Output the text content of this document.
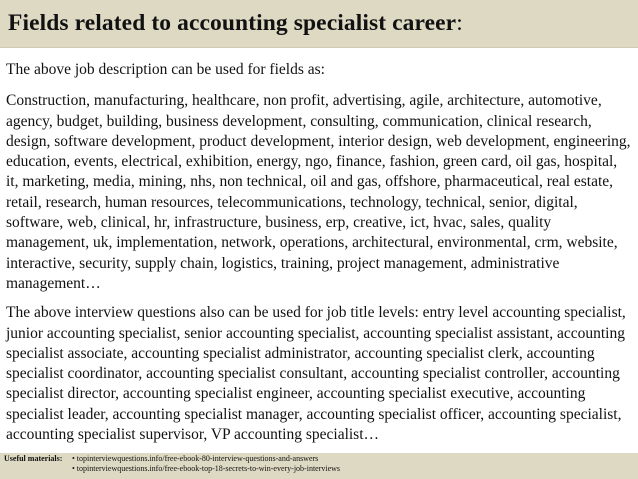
Fields related to accounting specialist career:

The above job description can be used for fields as:

Construction, manufacturing, healthcare, non profit, advertising, agile, architecture, automotive, agency, budget, building, business development, consulting, communication, clinical research, design, software development, product development, interior design, web development, engineering, education, events, electrical, exhibition, energy, ngo, finance, fashion, green card, oil gas, hospital, it, marketing, media, mining, nhs, non technical, oil and gas, offshore, pharmaceutical, real estate, retail, research, human resources, telecommunications, technology, technical, senior, digital, software, web, clinical, hr, infrastructure, business, erp, creative, ict, hvac, sales, quality management, uk, implementation, network, operations, architectural, environmental, crm, website, interactive, security, supply chain, logistics, training, project management, administrative management…

The above interview questions also can be used for job title levels: entry level accounting specialist, junior accounting specialist, senior accounting specialist, accounting specialist assistant, accounting specialist associate, accounting specialist administrator, accounting specialist clerk, accounting specialist coordinator, accounting specialist consultant, accounting specialist controller, accounting specialist director, accounting specialist engineer, accounting specialist executive, accounting specialist leader, accounting specialist manager, accounting specialist officer, accounting specialist, accounting specialist supervisor, VP accounting specialist…

Useful materials: • topinterviewquestions.info/free-ebook-80-interview-questions-and-answers
• topinterviewquestions.info/free-ebook-top-18-secrets-to-win-every-job-interviews
